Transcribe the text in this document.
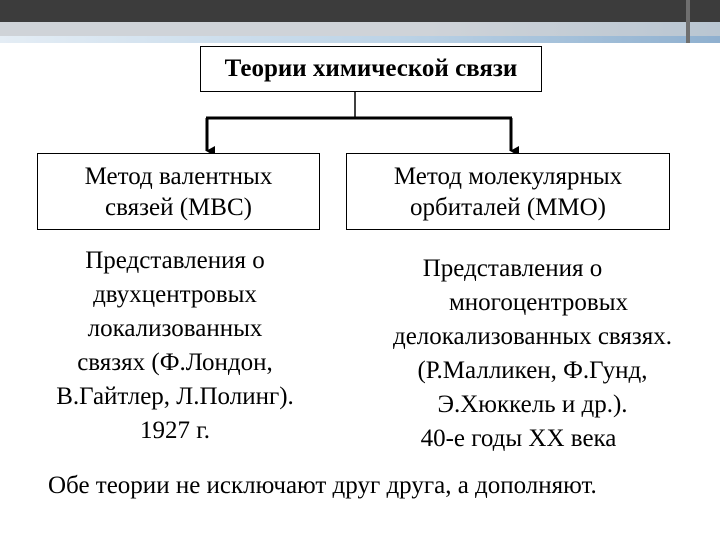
Теории химической связи
Метод валентных
связей (МВС)
Метод молекулярных
орбиталей (ММО)
Представления о
двухцентровых
локализованных
связях (Ф.Лондон,
В.Гайтлер, Л.Полинг).
1927 г.
Представления о
многоцентровых
делокализованных связях.
(Р.Малликен, Ф.Гунд,
Э.Хюккель и др.).
40-е годы ХХ века
Обе теории не исключают друг друга, а дополняют.
